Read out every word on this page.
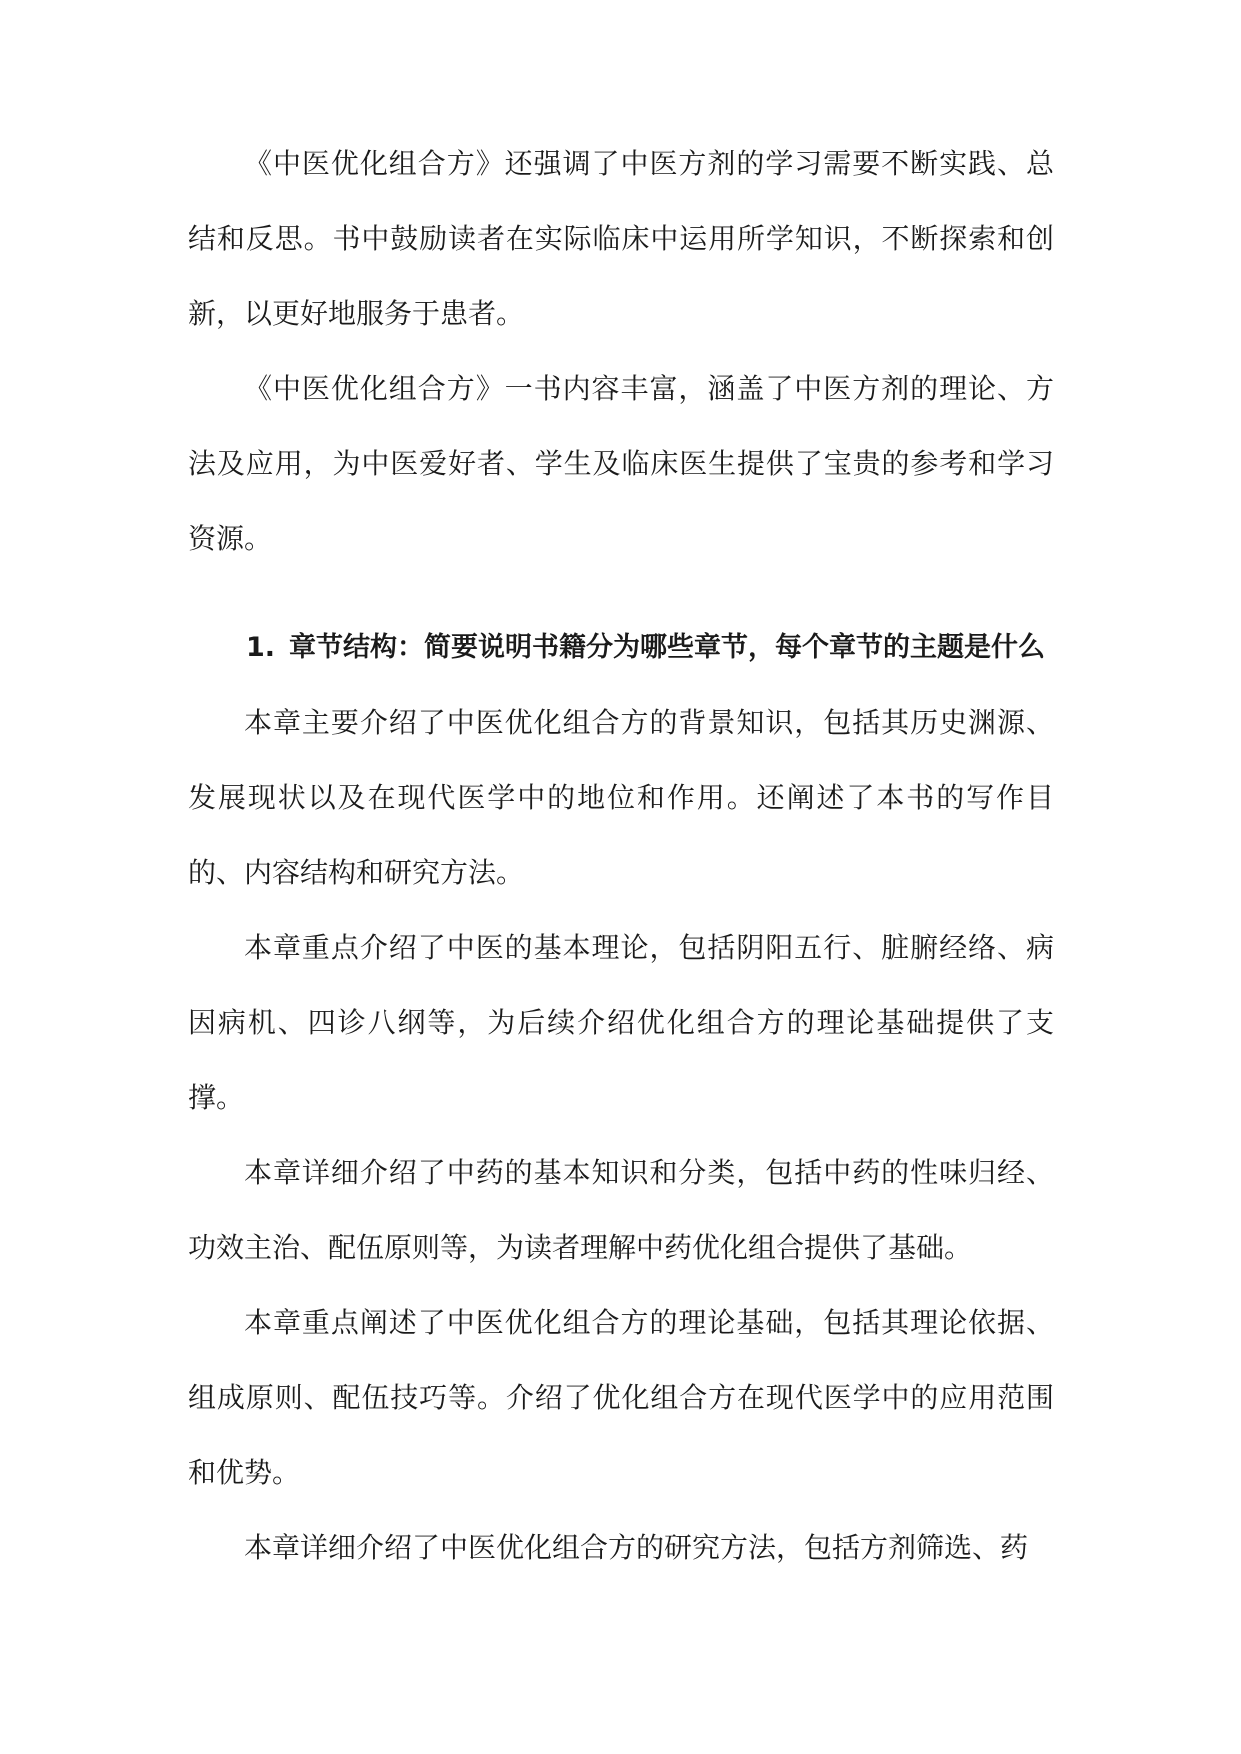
《中医优化组合方》还强调了中医方剂的学习需要不断实践、总结和反思。书中鼓励读者在实际临床中运用所学知识，不断探索和创新，以更好地服务于患者。

《中医优化组合方》一书内容丰富，涵盖了中医方剂的理论、方法及应用，为中医爱好者、学生及临床医生提供了宝贵的参考和学习资源。

1. 章节结构：简要说明书籍分为哪些章节，每个章节的主题是什么

本章主要介绍了中医优化组合方的背景知识，包括其历史渊源、发展现状以及在现代医学中的地位和作用。还阐述了本书的写作目的、内容结构和研究方法。

本章重点介绍了中医的基本理论，包括阴阳五行、脏腑经络、病因病机、四诊八纲等，为后续介绍优化组合方的理论基础提供了支撑。

本章详细介绍了中药的基本知识和分类，包括中药的性味归经、功效主治、配伍原则等，为读者理解中药优化组合提供了基础。

本章重点阐述了中医优化组合方的理论基础，包括其理论依据、组成原则、配伍技巧等。介绍了优化组合方在现代医学中的应用范围和优势。

本章详细介绍了中医优化组合方的研究方法，包括方剂筛选、药
